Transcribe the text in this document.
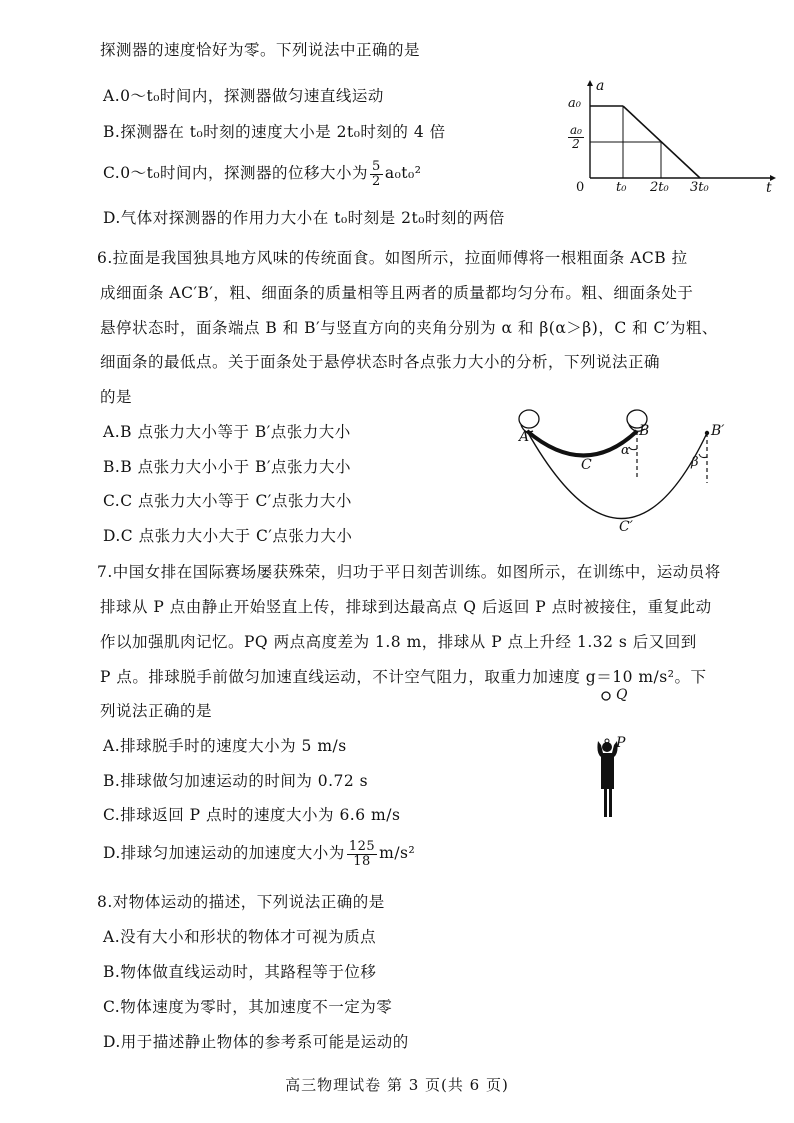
探测器的速度恰好为零。下列说法中正确的是
A.0～t₀时间内，探测器做匀速直线运动
B.探测器在 t₀时刻的速度大小是 2t₀时刻的 4 倍
C.0～t₀时间内，探测器的位移大小为 $\frac{5}{2} a_0t_0^2$
D.气体对探测器的作用力大小在 t₀时刻是 2t₀时刻的两倍
a
t
0
a₀
$\frac{\text{a₀}}{2}$
t₀ 2t₀ 3t₀
6.拉面是我国独具地方风味的传统面食。如图所示，拉面师傅将一根粗面条 ACB 拉
成细面条 AC′B′，粗、细面条的质量相等且两者的质量都均匀分布。粗、细面条处于
悬停状态时，面条端点 B 和 B′与竖直方向的夹角分别为 α 和 β(α＞β)，C 和 C′为粗、
细面条的最低点。关于面条处于悬停状态时各点张力大小的分析，下列说法正确
的是
A.B 点张力大小等于 B′点张力大小
B.B 点张力大小小于 B′点张力大小
C.C 点张力大小等于 C′点张力大小
D.C 点张力大小大于 C′点张力大小
A	B
C
B′
C′
α
β
7.中国女排在国际赛场屡获殊荣，归功于平日刻苦训练。如图所示，在训练中，运动员将
排球从 P 点由静止开始竖直上传，排球到达最高点 Q 后返回 P 点时被接住，重复此动
作以加强肌肉记忆。PQ 两点高度差为 1.8 m，排球从 P 点上升经 1.32 s 后又回到
P 点。排球脱手前做匀加速直线运动，不计空气阻力，取重力加速度 g＝10 m/s²。下
列说法正确的是
A.排球脱手时的速度大小为 5 m/s
B.排球做匀加速运动的时间为 0.72 s
C.排球返回 P 点时的速度大小为 6.6 m/s
D.排球匀加速运动的加速度大小为 $\frac{125}{18} m/s^2$
Q
P
8.对物体运动的描述，下列说法正确的是
A.没有大小和形状的物体才可视为质点
B.物体做直线运动时，其路程等于位移
C.物体速度为零时，其加速度不一定为零
D.用于描述静止物体的参考系可能是运动的
高三物理试卷 第 3 页(共 6 页)
